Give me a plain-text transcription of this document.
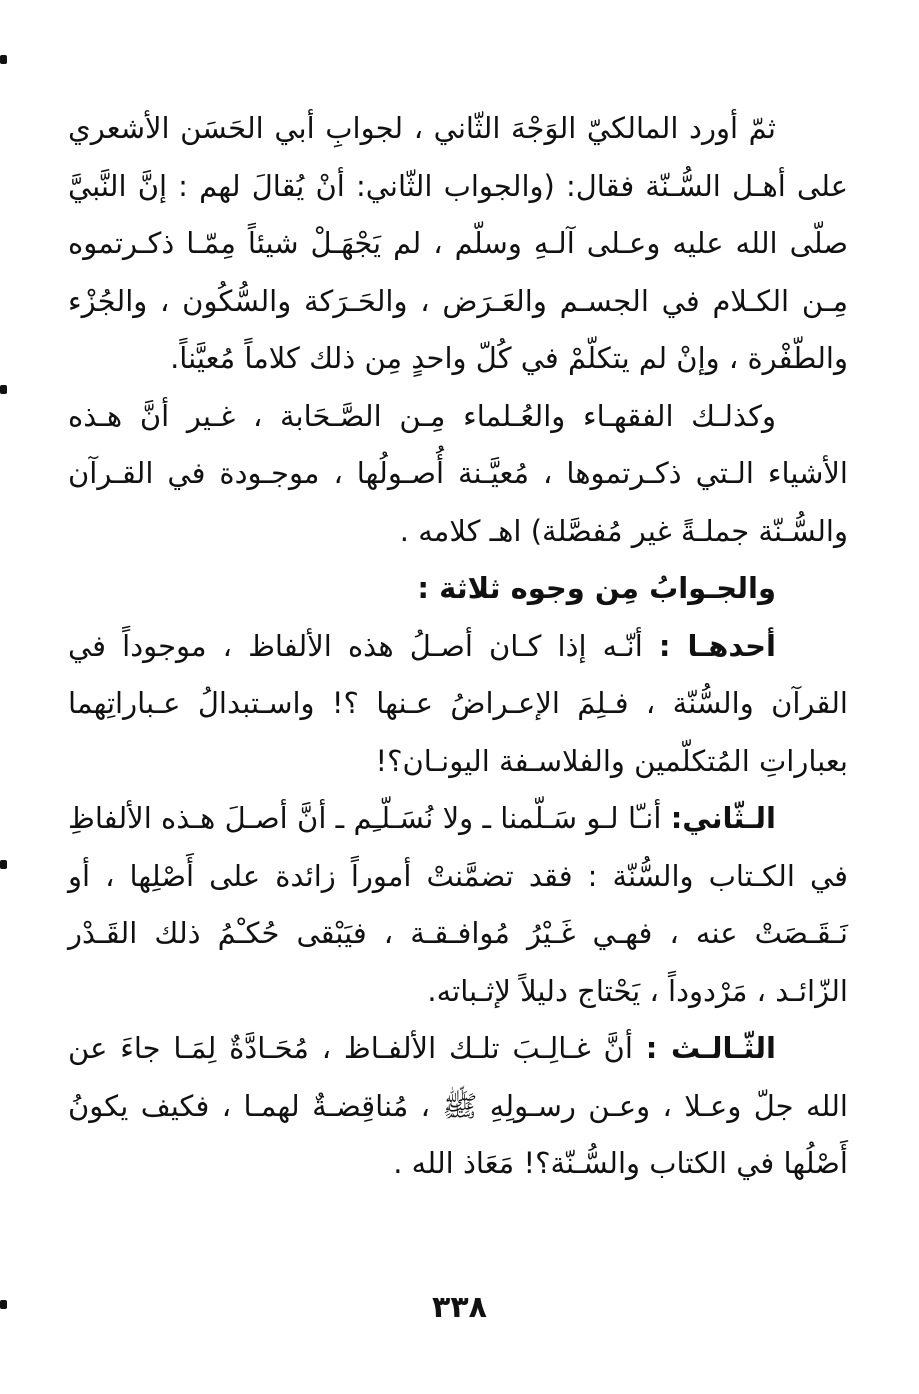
ثمّ أورد المالكيّ الوَجْهَ الثّاني ، لجوابِ أبي الحَسَن الأشعري على أهـل السُّـنّة فقال: (والجواب الثّاني: أنْ يُقالَ لهم : إنَّ النَّبيَّ صلّى الله عليه وعـلى آلـهِ وسلّم ، لم يَجْهَـلْ شيئاً مِمّـا ذكـرتموه مِـن الكـلام في الجسـم والعَـرَض ، والحَـرَكة والسُّكُون ، والجُزْء والطّفْرة ، وإنْ لم يتكلّمْ في كُلّ واحدٍ مِن ذلك كلاماً مُعيَّناً.

وكذلـك الفقهـاء والعُـلماء مِـن الصَّـحَابة ، غـير أنَّ هـذه الأشياء الـتي ذكـرتموها ، مُعيَّـنة أُصـولُها ، موجـودة في القـرآن والسُّـنّة جملـةً غير مُفصَّلة) اهـ كلامه .

والجـوابُ مِن وجوه ثلاثة :

أحدهـا : أنّـه إذا كـان أصـلُ هذه الألفاظ ، موجوداً في القرآن والسُّنّة ، فـلِمَ الإعـراضُ عـنها ؟! واسـتبدالُ عـباراتِهما بعباراتِ المُتكلّمين والفلاسـفة اليونـان؟!

الـثّاني: أنـّا لـو سَـلّمنا ـ ولا نُسَـلّـِم ـ أنَّ أصـلَ هـذه الألفاظِ في الكـتاب والسُّنّة : فقد تضمَّنتْ أموراً زائدة على أَصْلِها ، أو نَـقَـصَتْ عنه ، فهـي غَـيْرُ مُوافـقـة ، فيَبْقى حُكـْمُ ذلك القَـدْر الزّائـد ، مَرْدوداً ، يَحْتاج دليلاً لإثـباته.

الثّـالـث : أنَّ غـالِـبَ تلـك الألفـاظ ، مُحَـادَّةٌ لِمَـا جاءَ عن الله جلّ وعـلا ، وعـن رسـولِهِ ﷺ ، مُناقِضـةٌ لهمـا ، فكيف يكونُ أَصْلُها في الكتاب والسُّـنّة؟! مَعَاذ الله .

٣٣٨
